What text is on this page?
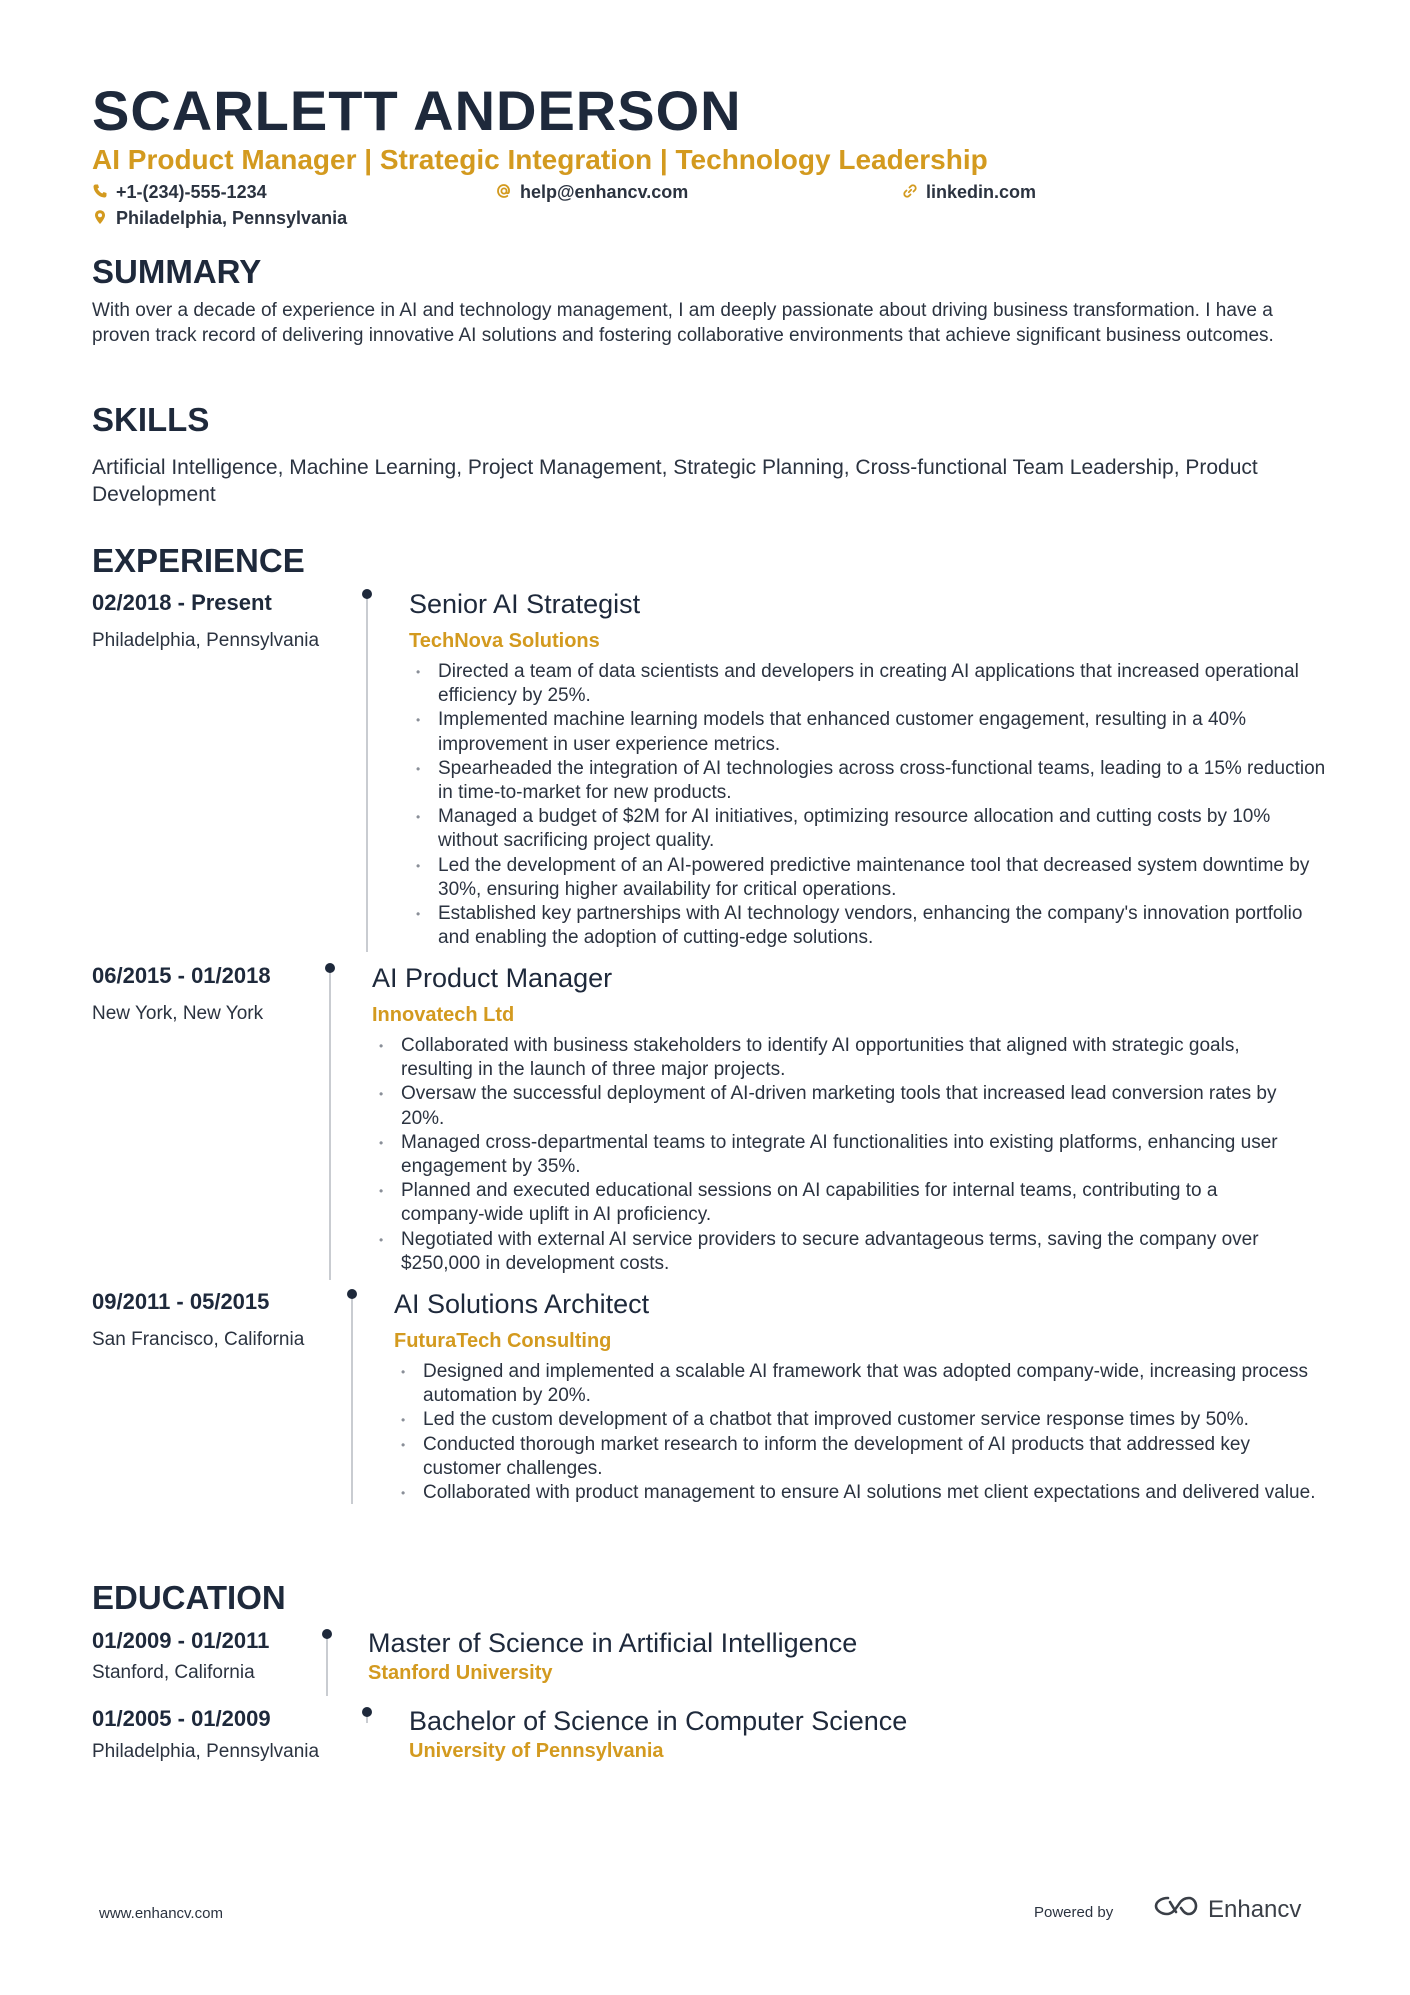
SCARLETT ANDERSON
AI Product Manager | Strategic Integration | Technology Leadership
+1-(234)-555-1234	help@enhancv.com	linkedin.com
Philadelphia, Pennsylvania
SUMMARY
With over a decade of experience in AI and technology management, I am deeply passionate about driving business transformation. I have a proven track record of delivering innovative AI solutions and fostering collaborative environments that achieve significant business outcomes.
SKILLS
Artificial Intelligence, Machine Learning, Project Management, Strategic Planning, Cross-functional Team Leadership, Product Development
EXPERIENCE
02/2018 - Present
Philadelphia, Pennsylvania
Senior AI Strategist
TechNova Solutions
• Directed a team of data scientists and developers in creating AI applications that increased operational efficiency by 25%.
• Implemented machine learning models that enhanced customer engagement, resulting in a 40% improvement in user experience metrics.
• Spearheaded the integration of AI technologies across cross-functional teams, leading to a 15% reduction in time-to-market for new products.
• Managed a budget of $2M for AI initiatives, optimizing resource allocation and cutting costs by 10% without sacrificing project quality.
• Led the development of an AI-powered predictive maintenance tool that decreased system downtime by 30%, ensuring higher availability for critical operations.
• Established key partnerships with AI technology vendors, enhancing the company's innovation portfolio and enabling the adoption of cutting-edge solutions.
06/2015 - 01/2018
New York, New York
AI Product Manager
Innovatech Ltd
• Collaborated with business stakeholders to identify AI opportunities that aligned with strategic goals, resulting in the launch of three major projects.
• Oversaw the successful deployment of AI-driven marketing tools that increased lead conversion rates by 20%.
• Managed cross-departmental teams to integrate AI functionalities into existing platforms, enhancing user engagement by 35%.
• Planned and executed educational sessions on AI capabilities for internal teams, contributing to a company-wide uplift in AI proficiency.
• Negotiated with external AI service providers to secure advantageous terms, saving the company over $250,000 in development costs.
09/2011 - 05/2015
San Francisco, California
AI Solutions Architect
FuturaTech Consulting
• Designed and implemented a scalable AI framework that was adopted company-wide, increasing process automation by 20%.
• Led the custom development of a chatbot that improved customer service response times by 50%.
• Conducted thorough market research to inform the development of AI products that addressed key customer challenges.
• Collaborated with product management to ensure AI solutions met client expectations and delivered value.
EDUCATION
01/2009 - 01/2011
Stanford, California
Master of Science in Artificial Intelligence
Stanford University
01/2005 - 01/2009
Philadelphia, Pennsylvania
Bachelor of Science in Computer Science
University of Pennsylvania
www.enhancv.com	Powered by	Enhancv
